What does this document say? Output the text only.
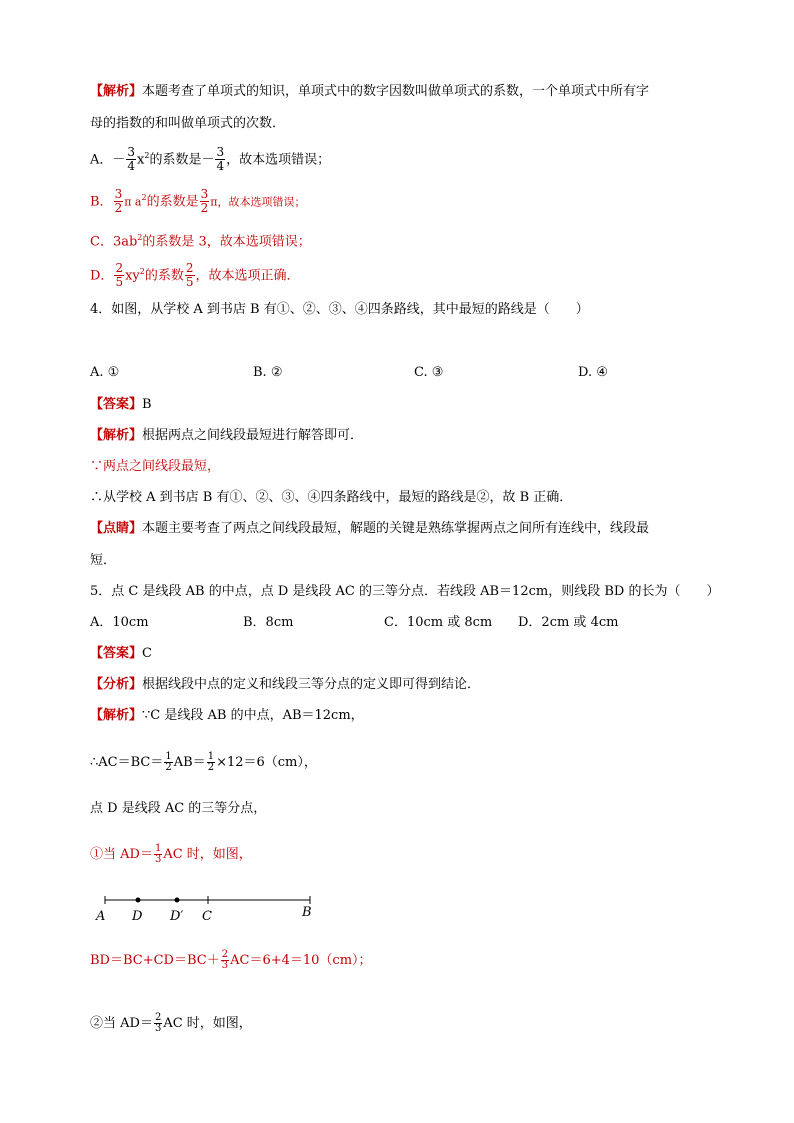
【解析】本题考查了单项式的知识，单项式中的数字因数叫做单项式的系数，一个单项式中所有字
母的指数的和叫做单项式的次数．
A．－ $\frac{3}{4} x^2$的系数是－ $\frac{3}{4}$ ，故本选项错误；
B． $\frac{3}{2}$ π $a^2$的系数是 $\frac{3}{2}$ π，故本选项错误；
C．$3ab^2$的系数是 3，故本选项错误；
D． $\frac{2}{5} xy^2$的系数 $\frac{2}{5}$ ，故本选项正确．
4．如图，从学校 A 到书店 B 有①、②、③、④四条路线，其中最短的路线是（　　）
A. ①	B. ②	C. ③	D. ④
【答案】B
【解析】根据两点之间线段最短进行解答即可．
∵两点之间线段最短，
∴从学校 A 到书店 B 有①、②、③、④四条路线中，最短的路线是②，故 B 正确．
【点睛】本题主要考查了两点之间线段最短，解题的关键是熟练掌握两点之间所有连线中，线段最
短．
5．点 C 是线段 AB 的中点，点 D 是线段 AC 的三等分点．若线段 AB＝12cm，则线段 BD 的长为（　　）
A．10cm	B．8cm	C．10cm 或 8cm D．2cm 或 4cm
【答案】C
【分析】根据线段中点的定义和线段三等分点的定义即可得到结论．
【解析】∵C 是线段 AB 的中点，AB＝12cm，
∴AC＝BC＝ $\frac{1}{2} AB= \frac{1}{2} \times 12=6(cm)$，
点 D 是线段 AC 的三等分点，
①当 $AD= \frac{1}{3}$ AC 时，如图，
A D D′ C	B
$BD=BC+CD=BC+ \frac{2}{3} AC=6+4=10(cm)$；
②当 $AD= \frac{2}{3}$ AC 时，如图，
